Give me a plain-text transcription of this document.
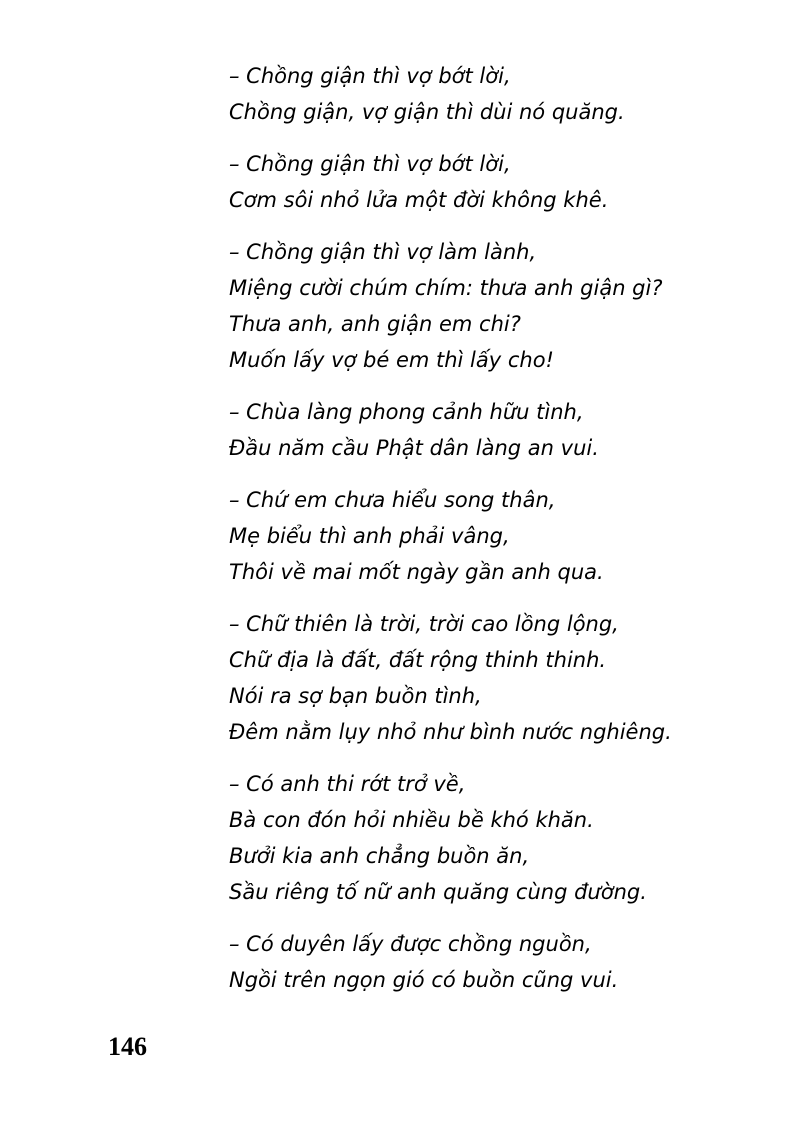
– Chồng giận thì vợ bớt lời,
Chồng giận, vợ giận thì dùi nó quăng.
– Chồng giận thì vợ bớt lời,
Cơm sôi nhỏ lửa một đời không khê.
– Chồng giận thì vợ làm lành,
Miệng cười chúm chím: thưa anh giận gì?
Thưa anh, anh giận em chi?
Muốn lấy vợ bé em thì lấy cho!
– Chùa làng phong cảnh hữu tình,
Đầu năm cầu Phật dân làng an vui.
– Chứ em chưa hiểu song thân,
Mẹ biểu thì anh phải vâng,
Thôi về mai mốt ngày gần anh qua.
– Chữ thiên là trời, trời cao lồng lộng,
Chữ địa là đất, đất rộng thinh thinh.
Nói ra sợ bạn buồn tình,
Đêm nằm lụy nhỏ như bình nước nghiêng.
– Có anh thi rớt trở về,
Bà con đón hỏi nhiều bề khó khăn.
Bưởi kia anh chẳng buồn ăn,
Sầu riêng tố nữ anh quăng cùng đường.
– Có duyên lấy được chồng nguồn,
Ngồi trên ngọn gió có buồn cũng vui.
146
